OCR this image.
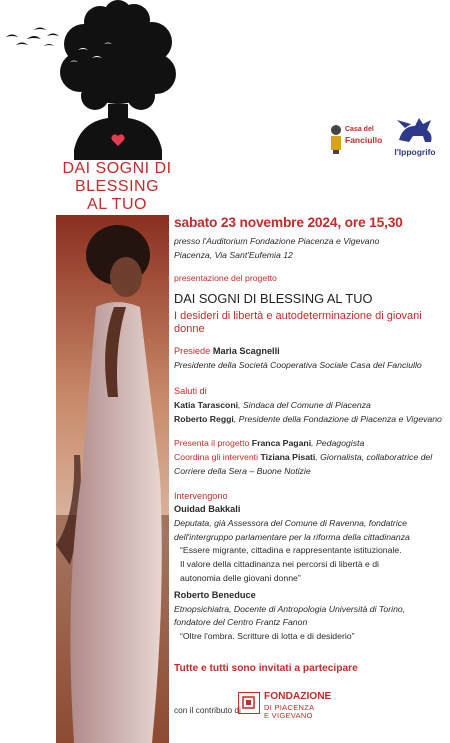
DAI SOGNI DI
BLESSING
AL TUO
Casa del
Fanciullo
l'Ippogrifo
sabato 23 novembre 2024, ore 15,30
presso l'Auditorium Fondazione Piacenza e Vigevano
Piacenza, Via Sant'Eufemia 12
presentazione del progetto
DAI SOGNI DI BLESSING AL TUO
I desideri di libertà e autodeterminazione di giovani donne
Presiede Maria Scagnelli
Presidente della Società Cooperativa Sociale Casa del Fanciullo
Saluti di
Katia Tarasconi, Sindaca del Comune di Piacenza
Roberto Reggi, Presidente della Fondazione di Piacenza e Vigevano
Presenta il progetto Franca Pagani, Pedagogista
Coordina gli interventi Tiziana Pisati, Giornalista, collaboratrice del
Corriere della Sera – Buone Notizie
Intervengono
Ouidad Bakkali
Deputata, già Assessora del Comune di Ravenna, fondatrice
dell'intergruppo parlamentare per la riforma della cittadinanza
“Essere migrante, cittadina e rappresentante istituzionale.
Il valore della cittadinanza nei percorsi di libertà e di
autonomia delle giovani donne”
Roberto Beneduce
Etnopsichiatra, Docente di Antropologia Università di Torino,
fondatore del Centro Frantz Fanon
“Oltre l'ombra. Scritture di lotta e di desiderio”
Tutte e tutti sono invitati a partecipare
con il contributo di
FONDAZIONE
DI PIACENZA
E VIGEVANO
